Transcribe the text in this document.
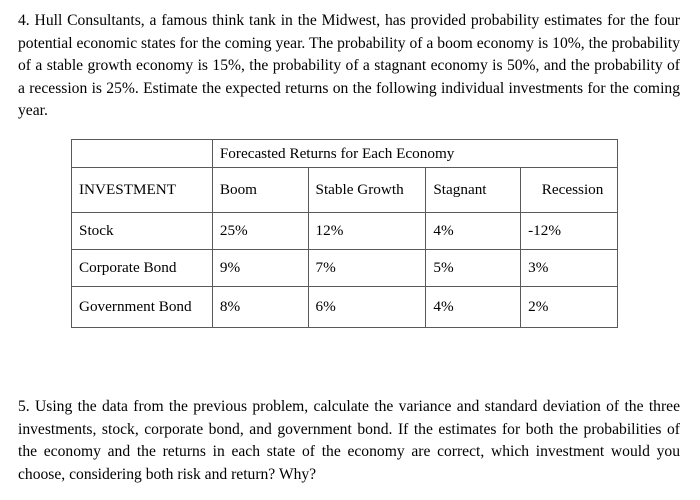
4. Hull Consultants, a famous think tank in the Midwest, has provided probability estimates for the four potential economic states for the coming year. The probability of a boom economy is 10%, the probability of a stable growth economy is 15%, the probability of a stagnant economy is 50%, and the probability of a recession is 25%. Estimate the expected returns on the following individual investments for the coming year.

	Forecasted Returns for Each Economy			
INVESTMENT	Boom	Stable Growth	Stagnant	Recession
Stock	25%	12%	4%	-12%
Corporate Bond	9%	7%	5%	3%
Government Bond	8%	6%	4%	2%

5. Using the data from the previous problem, calculate the variance and standard deviation of the three investments, stock, corporate bond, and government bond. If the estimates for both the probabilities of the economy and the returns in each state of the economy are correct, which investment would you choose, considering both risk and return? Why?
